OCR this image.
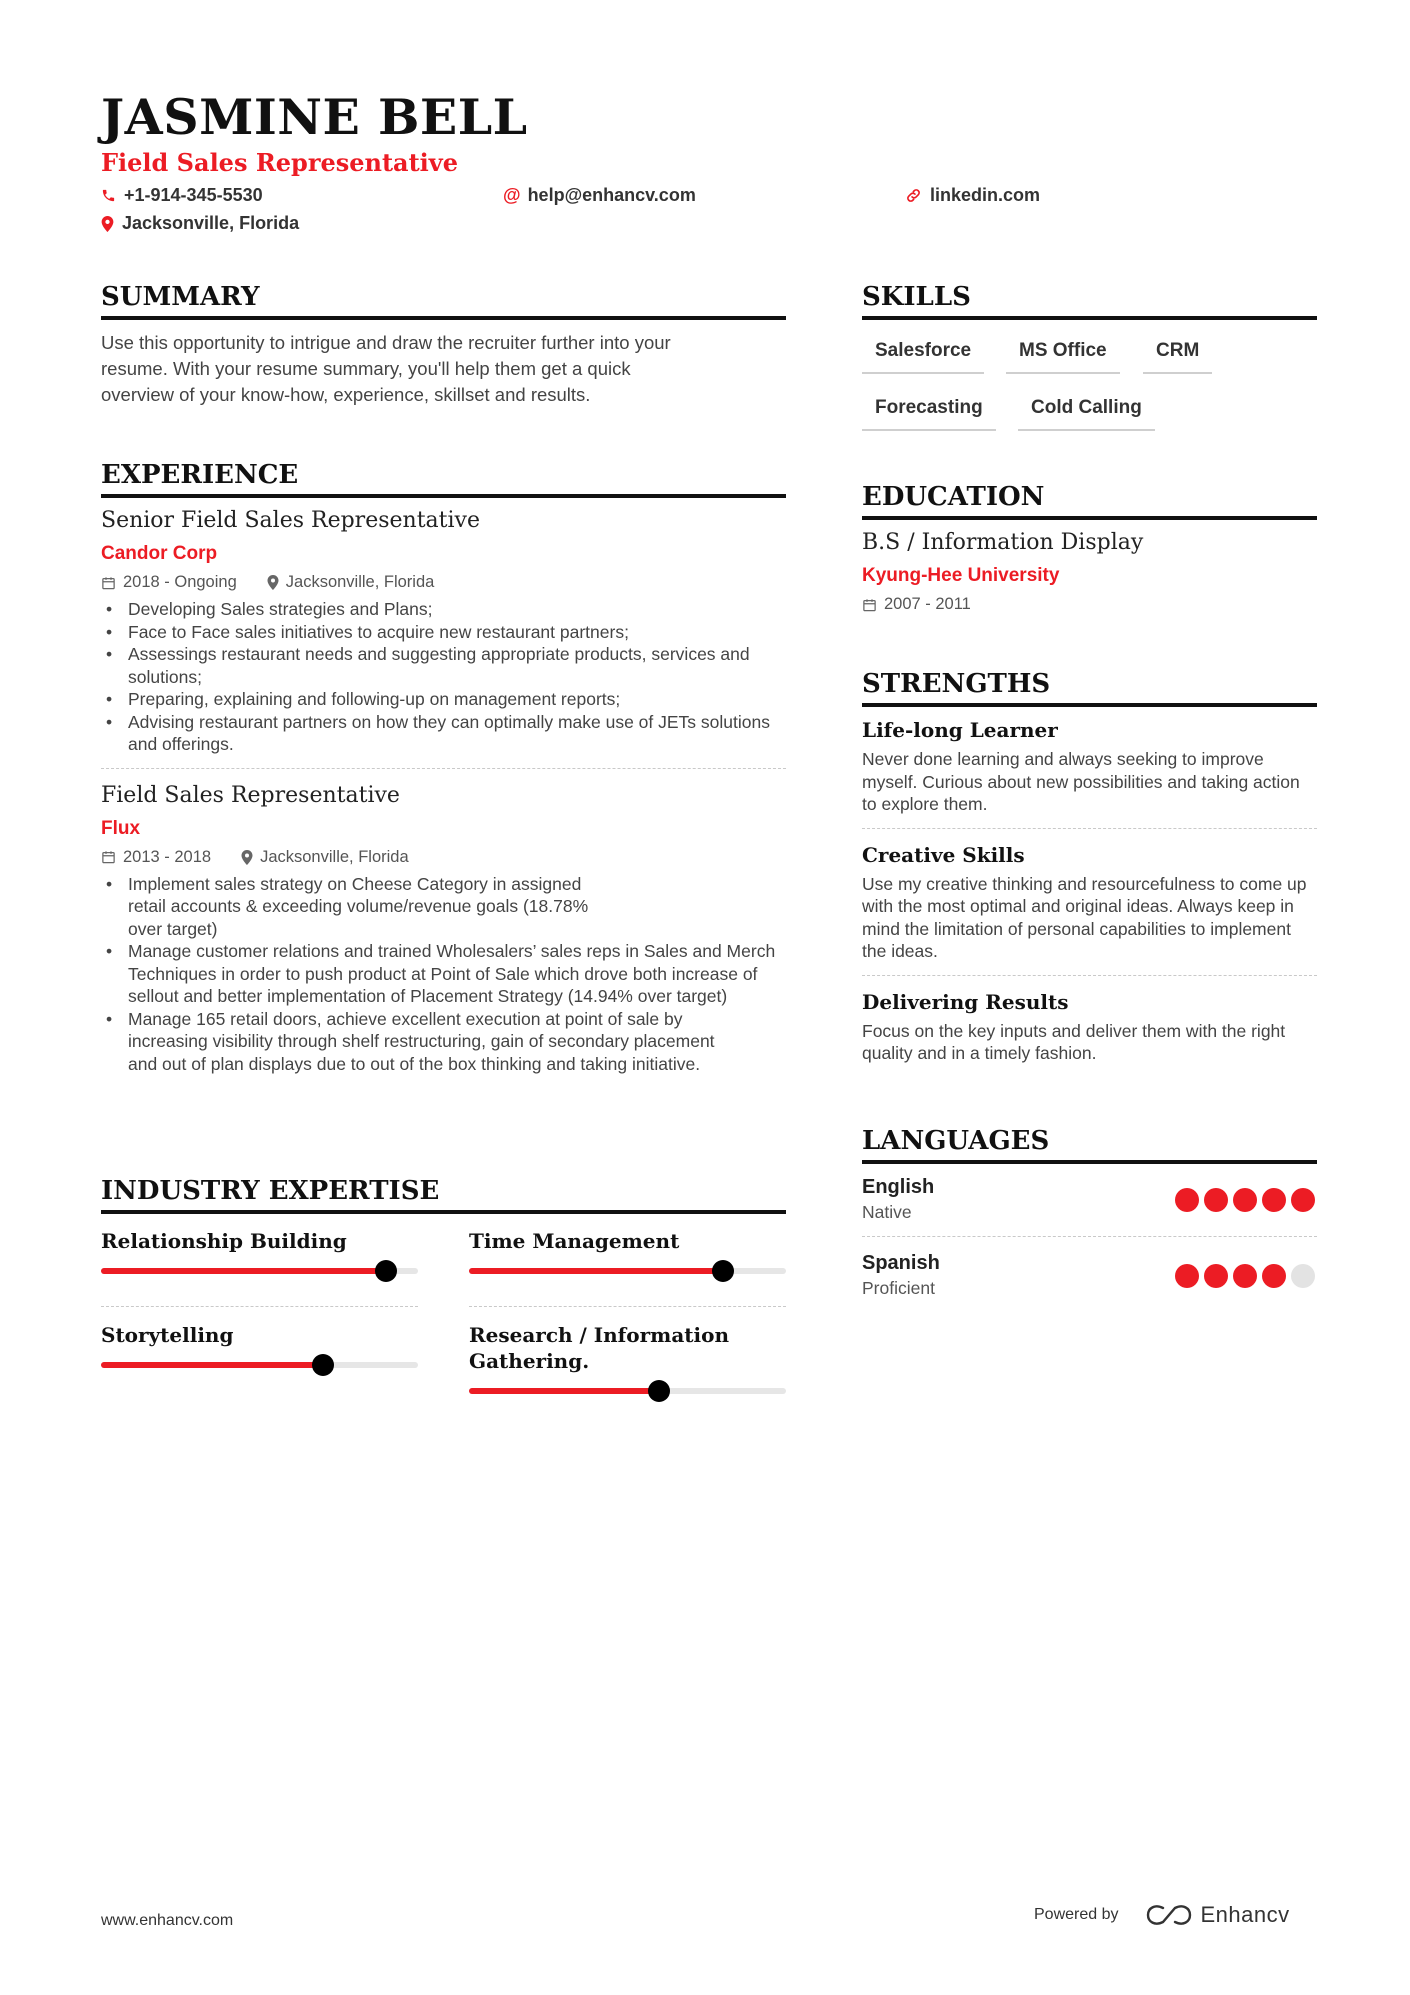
JASMINE BELL
Field Sales Representative
+1-914-345-5530	@ help@enhancv.com	linkedin.com
Jacksonville, Florida
SUMMARY
Use this opportunity to intrigue and draw the recruiter further into your
resume. With your resume summary, you'll help them get a quick
overview of your know-how, experience, skillset and results.
EXPERIENCE
Senior Field Sales Representative
Candor Corp
2018 - Ongoing	Jacksonville, Florida
• Developing Sales strategies and Plans;
• Face to Face sales initiatives to acquire new restaurant partners;
• Assessings restaurant needs and suggesting appropriate products, services and solutions;
• Preparing, explaining and following-up on management reports;
• Advising restaurant partners on how they can optimally make use of JETs solutions and offerings.
Field Sales Representative
Flux
2013 - 2018	Jacksonville, Florida
• Implement sales strategy on Cheese Category in assigned retail accounts & exceeding volume/revenue goals (18.78% over target)
• Manage customer relations and trained Wholesalers’ sales reps in Sales and Merch Techniques in order to push product at Point of Sale which drove both increase of sellout and better implementation of Placement Strategy (14.94% over target)
• Manage 165 retail doors, achieve excellent execution at point of sale by increasing visibility through shelf restructuring, gain of secondary placement and out of plan displays due to out of the box thinking and taking initiative.
INDUSTRY EXPERTISE
Relationship Building	Time Management
Storytelling	Research / Information Gathering.
SKILLS
Salesforce	MS Office	CRM
Forecasting	Cold Calling
EDUCATION
B.S / Information Display
Kyung-Hee University
2007 - 2011
STRENGTHS
Life-long Learner
Never done learning and always seeking to improve myself. Curious about new possibilities and taking action to explore them.
Creative Skills
Use my creative thinking and resourcefulness to come up with the most optimal and original ideas. Always keep in mind the limitation of personal capabilities to implement the ideas.
Delivering Results
Focus on the key inputs and deliver them with the right quality and in a timely fashion.
LANGUAGES
English
Native
Spanish
Proficient
www.enhancv.com	Powered by	Enhancv
